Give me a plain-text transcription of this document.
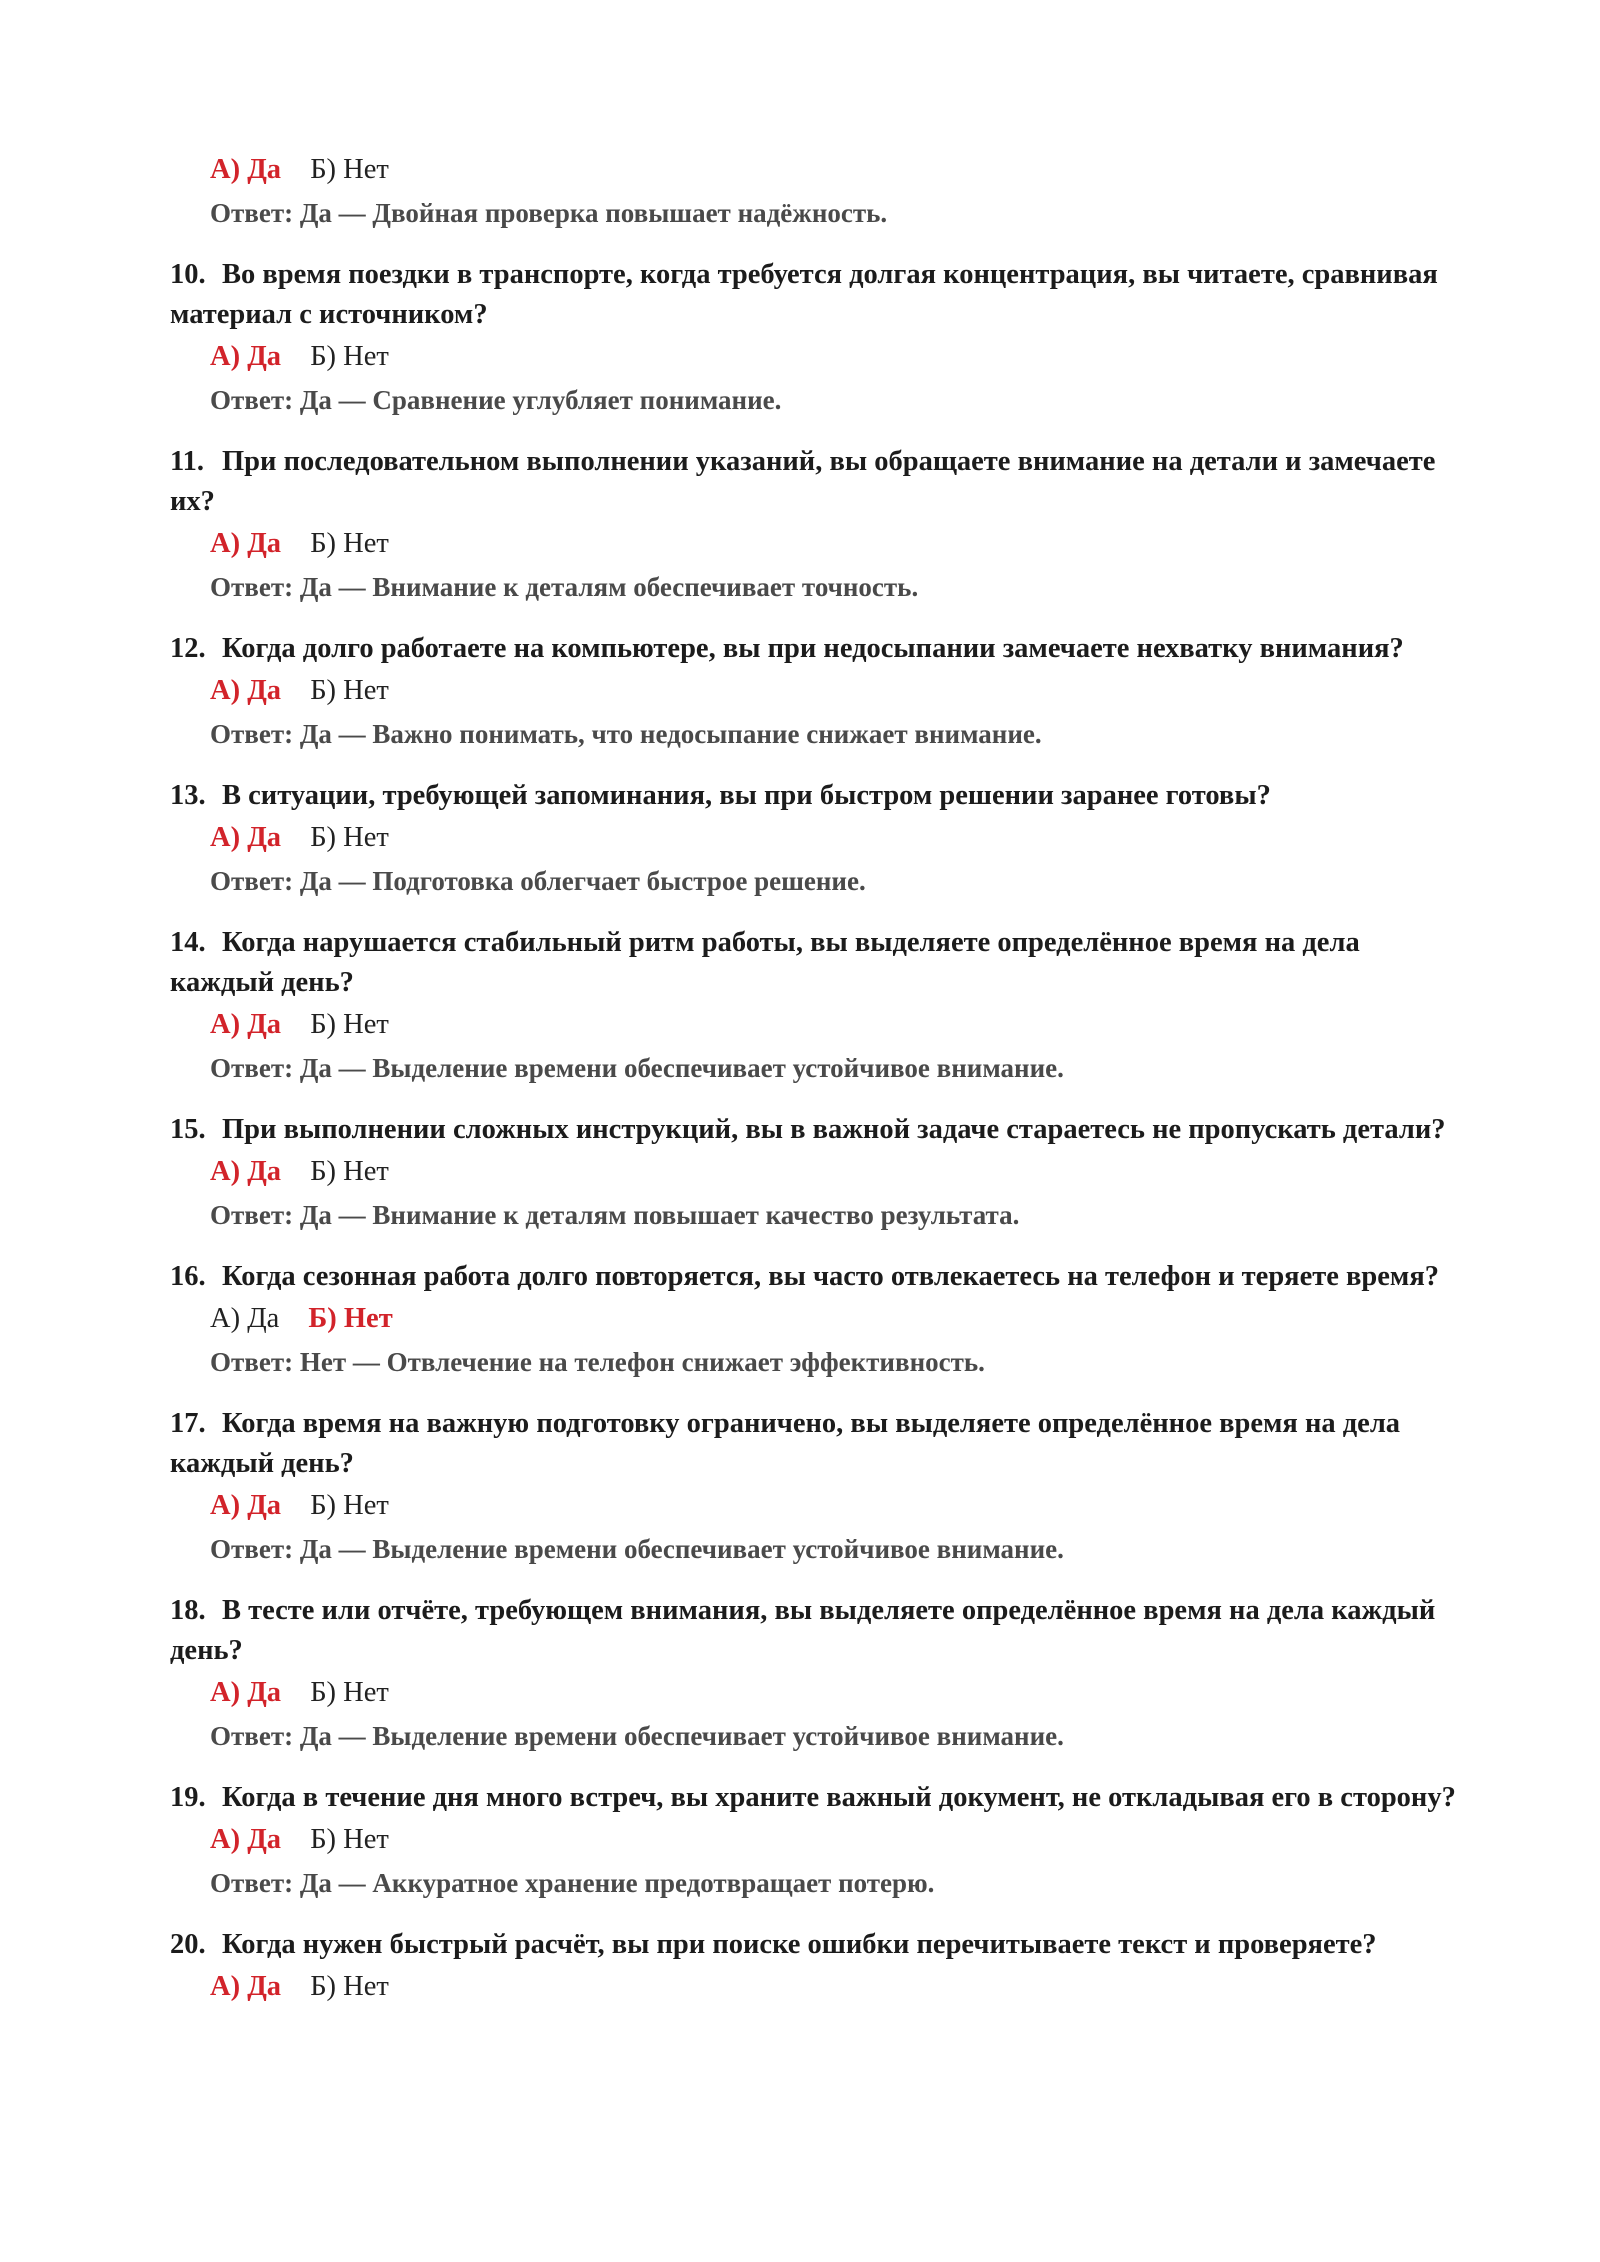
А) Да Б) Нет
Ответ: Да — Двойная проверка повышает надёжность.

10. Во время поездки в транспорте, когда требуется долгая концентрация, вы читаете, сравнивая материал с источником?

А) Да Б) Нет
Ответ: Да — Сравнение углубляет понимание.

11. При последовательном выполнении указаний, вы обращаете внимание на детали и замечаете их?

А) Да Б) Нет
Ответ: Да — Внимание к деталям обеспечивает точность.

12. Когда долго работаете на компьютере, вы при недосыпании замечаете нехватку внимания?

А) Да Б) Нет
Ответ: Да — Важно понимать, что недосыпание снижает внимание.

13. В ситуации, требующей запоминания, вы при быстром решении заранее готовы?

А) Да Б) Нет
Ответ: Да — Подготовка облегчает быстрое решение.

14. Когда нарушается стабильный ритм работы, вы выделяете определённое время на дела каждый день?

А) Да Б) Нет
Ответ: Да — Выделение времени обеспечивает устойчивое внимание.

15. При выполнении сложных инструкций, вы в важной задаче стараетесь не пропускать детали?

А) Да Б) Нет
Ответ: Да — Внимание к деталям повышает качество результата.

16. Когда сезонная работа долго повторяется, вы часто отвлекаетесь на телефон и теряете время?

А) Да Б) Нет
Ответ: Нет — Отвлечение на телефон снижает эффективность.

17. Когда время на важную подготовку ограничено, вы выделяете определённое время на дела каждый день?

А) Да Б) Нет
Ответ: Да — Выделение времени обеспечивает устойчивое внимание.

18. В тесте или отчёте, требующем внимания, вы выделяете определённое время на дела каждый день?

А) Да Б) Нет
Ответ: Да — Выделение времени обеспечивает устойчивое внимание.

19. Когда в течение дня много встреч, вы храните важный документ, не откладывая его в сторону?

А) Да Б) Нет
Ответ: Да — Аккуратное хранение предотвращает потерю.

20. Когда нужен быстрый расчёт, вы при поиске ошибки перечитываете текст и проверяете?

А) Да Б) Нет
